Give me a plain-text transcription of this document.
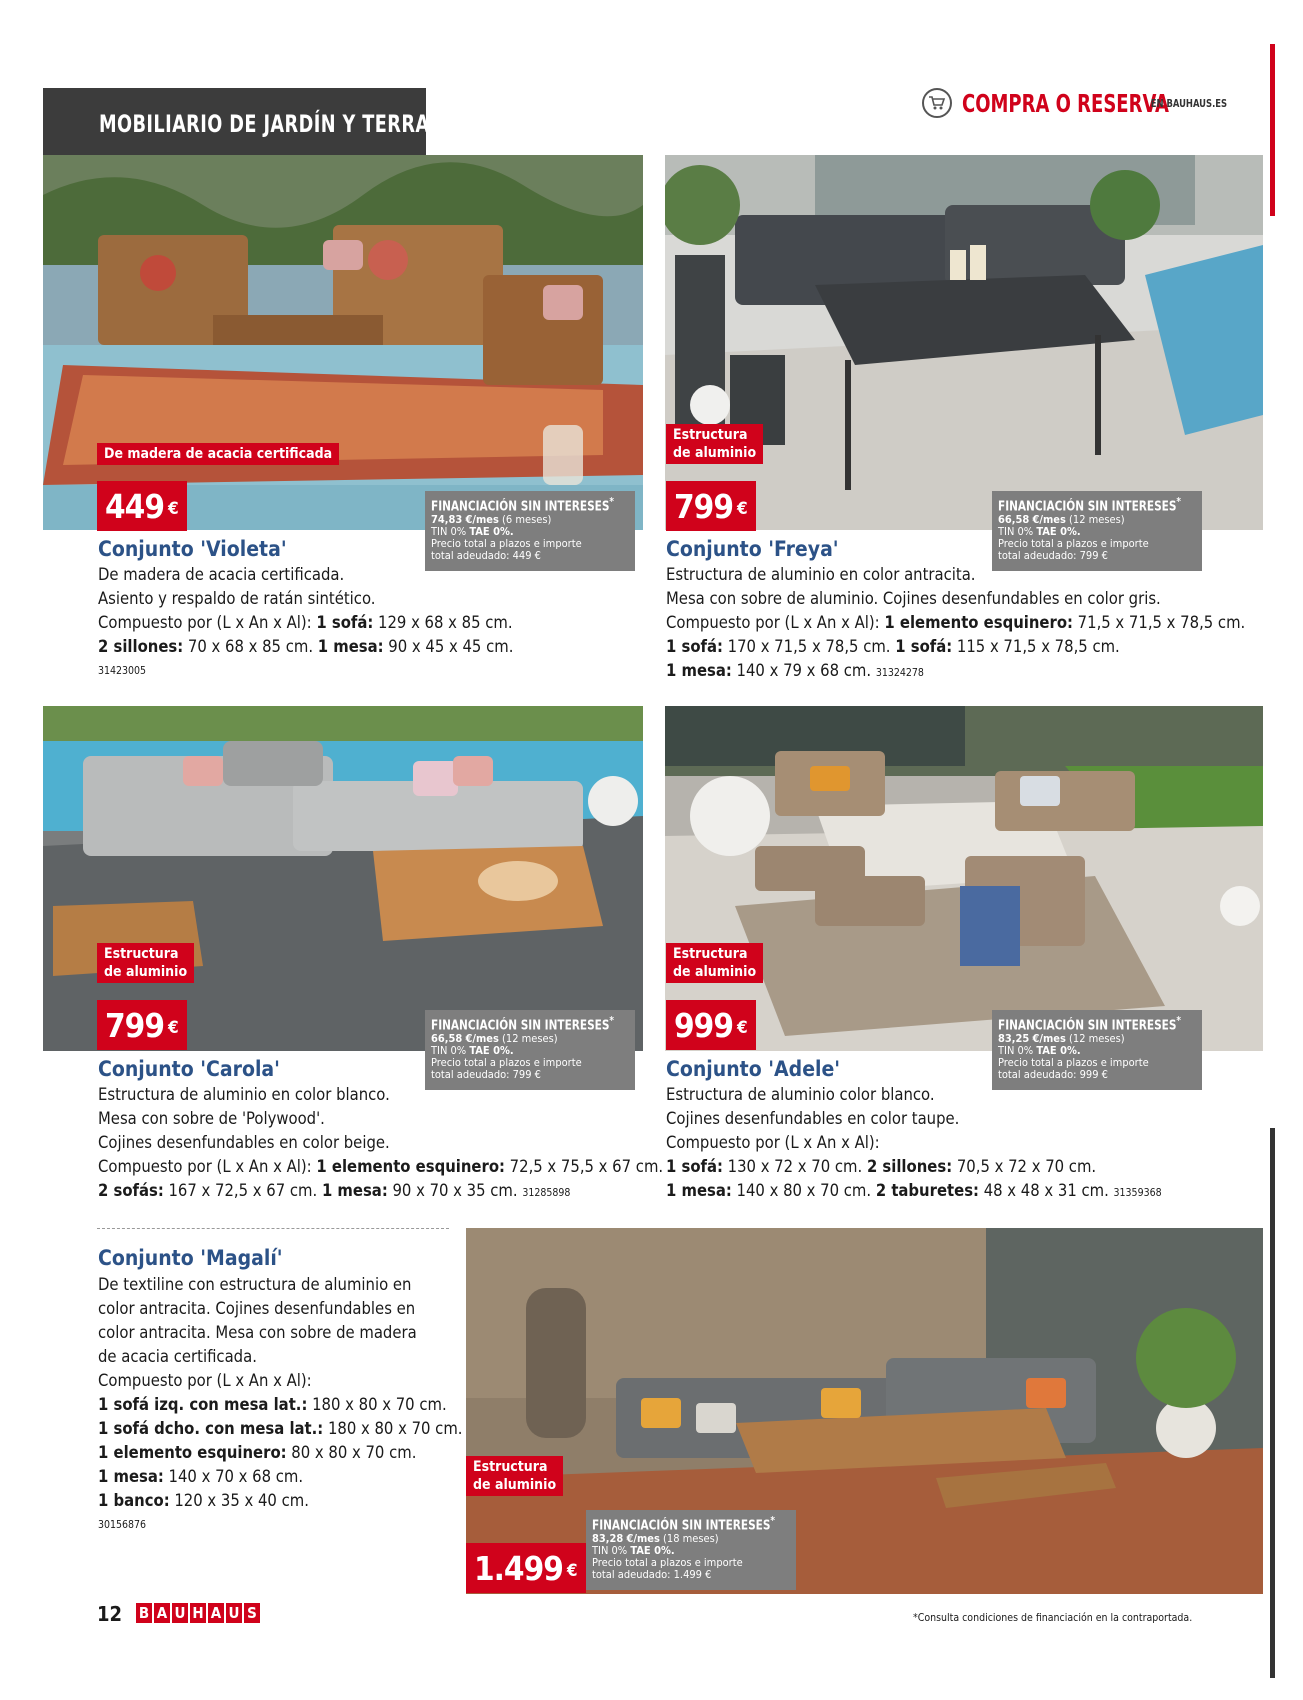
MOBILIARIO DE JARDÍN Y TERRAZAS
COMPRA O RESERVA
EN BAUHAUS.ES
De madera de acacia certificada
449 €	FINANCIACIÓN SIN INTERESES*
74,83 €/mes (6 meses)
TIN 0% TAE 0%.
Precio total a plazos e importe
total adeudado: 449 €
Conjunto 'Violeta'

De madera de acacia certificada.

Asiento y respaldo de ratán sintético.

Compuesto por (L x An x Al): 1 sofá: 129 x 68 x 85 cm.

2 sillones: 70 x 68 x 85 cm. 1 mesa: 90 x 45 x 45 cm.

31423005

Estructura
de aluminio
799 €	FINANCIACIÓN SIN INTERESES*
66,58 €/mes (12 meses)
TIN 0% TAE 0%.
Precio total a plazos e importe
total adeudado: 799 €
Conjunto 'Freya'

Estructura de aluminio en color antracita.

Mesa con sobre de aluminio. Cojines desenfundables en color gris.

Compuesto por (L x An x Al): 1 elemento esquinero: 71,5 x 71,5 x 78,5 cm.

1 sofá: 170 x 71,5 x 78,5 cm. 1 sofá: 115 x 71,5 x 78,5 cm.

1 mesa: 140 x 79 x 68 cm. 31324278

Estructura
de aluminio
799 €	FINANCIACIÓN SIN INTERESES*
66,58 €/mes (12 meses)
TIN 0% TAE 0%.
Precio total a plazos e importe
total adeudado: 799 €
Conjunto 'Carola'

Estructura de aluminio en color blanco.

Mesa con sobre de 'Polywood'.

Cojines desenfundables en color beige.

Compuesto por (L x An x Al): 1 elemento esquinero: 72,5 x 75,5 x 67 cm.

2 sofás: 167 x 72,5 x 67 cm. 1 mesa: 90 x 70 x 35 cm. 31285898

Estructura
de aluminio
999 €	FINANCIACIÓN SIN INTERESES*
83,25 €/mes (12 meses)
TIN 0% TAE 0%.
Precio total a plazos e importe
total adeudado: 999 €
Conjunto 'Adele'

Estructura de aluminio color blanco.

Cojines desenfundables en color taupe.

Compuesto por (L x An x Al):

1 sofá: 130 x 72 x 70 cm. 2 sillones: 70,5 x 72 x 70 cm.

1 mesa: 140 x 80 x 70 cm. 2 taburetes: 48 x 48 x 31 cm. 31359368

Conjunto 'Magalí'

De textiline con estructura de aluminio en

color antracita. Cojines desenfundables en

color antracita. Mesa con sobre de madera

de acacia certificada.

Compuesto por (L x An x Al):

1 sofá izq. con mesa lat.: 180 x 80 x 70 cm.

1 sofá dcho. con mesa lat.: 180 x 80 x 70 cm.

1 elemento esquinero: 80 x 80 x 70 cm.

1 mesa: 140 x 70 x 68 cm.

1 banco: 120 x 35 x 40 cm.

30156876

Estructura
de aluminio
1.499 €
FINANCIACIÓN SIN INTERESES*
83,28 €/mes (18 meses)
TIN 0% TAE 0%.
Precio total a plazos e importe
total adeudado: 1.499 €
12 B A U H A U S	*Consulta condiciones de financiación en la contraportada.
